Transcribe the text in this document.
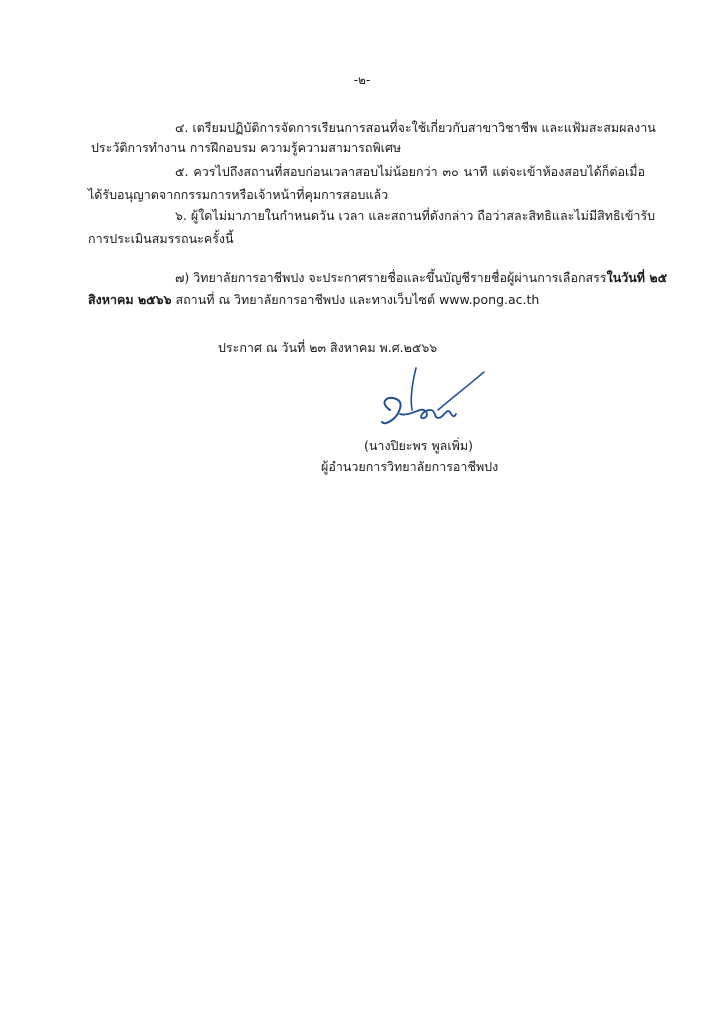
-๒-
๔. เตรียมปฏิบัติการจัดการเรียนการสอนที่จะใช้เกี่ยวกับสาขาวิชาชีพ และแฟ้มสะสมผลงาน
ประวัติการทำงาน การฝึกอบรม ความรู้ความสามารถพิเศษ
๕. ควรไปถึงสถานที่สอบก่อนเวลาสอบไม่น้อยกว่า ๓๐ นาที แต่จะเข้าห้องสอบได้ก็ต่อเมื่อ
ได้รับอนุญาตจากกรรมการหรือเจ้าหน้าที่คุมการสอบแล้ว
๖. ผู้ใดไม่มาภายในกำหนดวัน เวลา และสถานที่ดังกล่าว ถือว่าสละสิทธิและไม่มีสิทธิเข้ารับ
การประเมินสมรรถนะครั้งนี้
๗) วิทยาลัยการอาชีพปง จะประกาศรายชื่อและขึ้นบัญชีรายชื่อผู้ผ่านการเลือกสรรในวันที่ ๒๕
สิงหาคม ๒๕๖๖ สถานที่ ณ วิทยาลัยการอาชีพปง และทางเว็บไซต์ www.pong.ac.th
ประกาศ ณ วันที่ ๒๓ สิงหาคม พ.ศ.๒๕๖๖
(นางปิยะพร พูลเพิ่ม)
ผู้อำนวยการวิทยาลัยการอาชีพปง
